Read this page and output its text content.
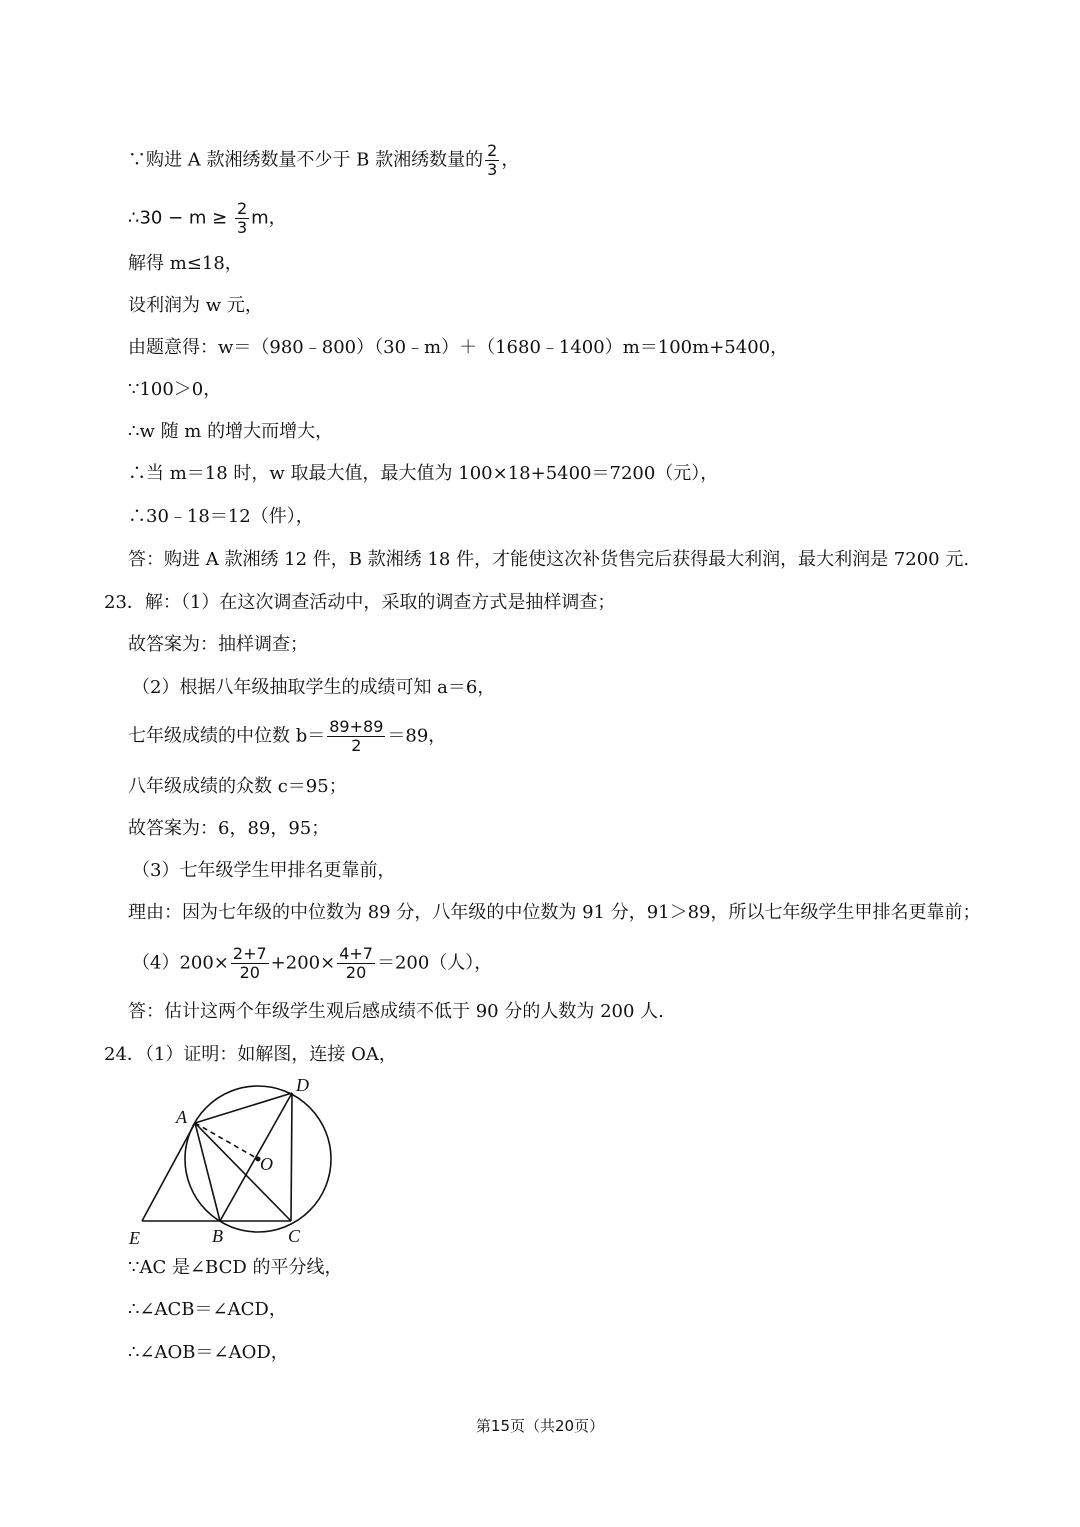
∵购进 A 款湘绣数量不少于 B 款湘绣数量的 $\frac{2}{3}$ ，
∴30 − $m \ge \frac{2}{3}$ m，
解得 m≤18，
设利润为 w 元，
由题意得：w＝（980﹣800）（30﹣m）＋（1680﹣1400）m＝100m+5400，
∵100＞0，
∴w 随 m 的增大而增大，
∴当 m＝18 时，w 取最大值，最大值为 100×18+5400＝7200（元），
∴30﹣18＝12（件），
答：购进 A 款湘绣 12 件，B 款湘绣 18 件，才能使这次补货售完后获得最大利润，最大利润是 7200 元.
23．解：（1）在这次调查活动中，采取的调查方式是抽样调查；
故答案为：抽样调查；
（2）根据八年级抽取学生的成绩可知 a＝6，
七年级成绩的中位数 $b= \frac{89+89}{2} =89$，
八年级成绩的众数 c＝95；
故答案为：6，89，95；
（3）七年级学生甲排名更靠前，
理由：因为七年级的中位数为 89 分，八年级的中位数为 91 分，91＞89，所以七年级学生甲排名更靠前；
$(4)200\times \frac{2+7}{20} +200\times \frac{4+7}{20} =200$（人），
答：估计这两个年级学生观后感成绩不低于 90 分的人数为 200 人.
24．（1）证明：如解图，连接 OA，
A
D
O
E	B	C
∵AC 是∠BCD 的平分线，
∴∠ACB＝∠ACD，
∴∠AOB＝∠AOD，
第15页（共20页）
